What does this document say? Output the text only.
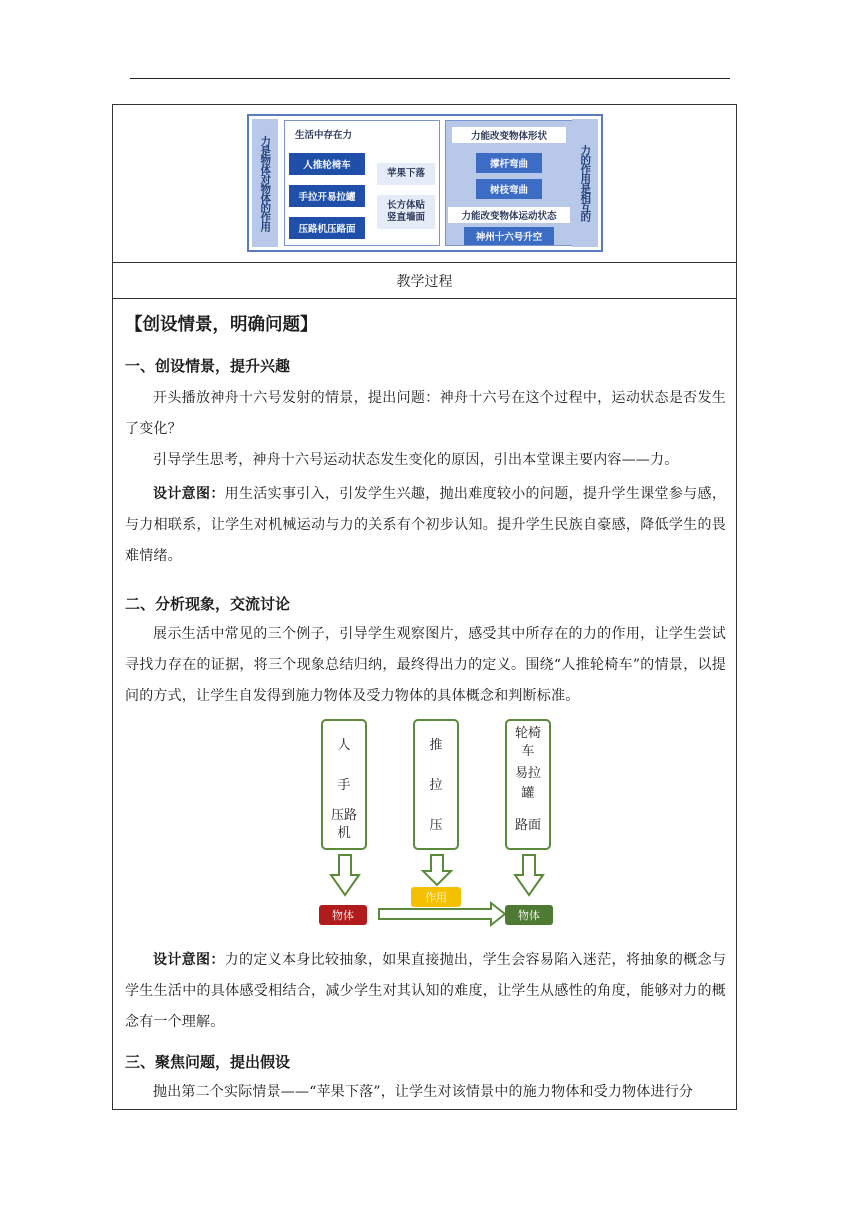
力是物体对物体的作用	生活中存在力
人推轮椅车
手拉开易拉罐
压路机压路面
苹果下落
长方体贴竖直墙面
力能改变物体形状
撑杆弯曲
树枝弯曲
力能改变物体运动状态
神州十六号升空
力的作用是相互的
教学过程
【创设情景，明确问题】
一、创设情景，提升兴趣
开头播放神舟十六号发射的情景，提出问题：神舟十六号在这个过程中，运动状态是否发生了变化？
引导学生思考，神舟十六号运动状态发生变化的原因，引出本堂课主要内容——力。
设计意图：用生活实事引入，引发学生兴趣，抛出难度较小的问题，提升学生课堂参与感，与力相联系，让学生对机械运动与力的关系有个初步认知。提升学生民族自豪感，降低学生的畏难情绪。
二、分析现象，交流讨论
展示生活中常见的三个例子，引导学生观察图片，感受其中所存在的力的作用，让学生尝试寻找力存在的证据，将三个现象总结归纳，最终得出力的定义。围绕“人推轮椅车”的情景，以提问的方式，让学生自发得到施力物体及受力物体的具体概念和判断标准。
人
手
压路
机
推
拉
压
轮椅
车
易拉
罐
路面
物体
作用
物体
设计意图：力的定义本身比较抽象，如果直接抛出，学生会容易陷入迷茫，将抽象的概念与学生生活中的具体感受相结合，减少学生对其认知的难度，让学生从感性的角度，能够对力的概念有一个理解。
三、聚焦问题，提出假设
抛出第二个实际情景——“苹果下落”，让学生对该情景中的施力物体和受力物体进行分
